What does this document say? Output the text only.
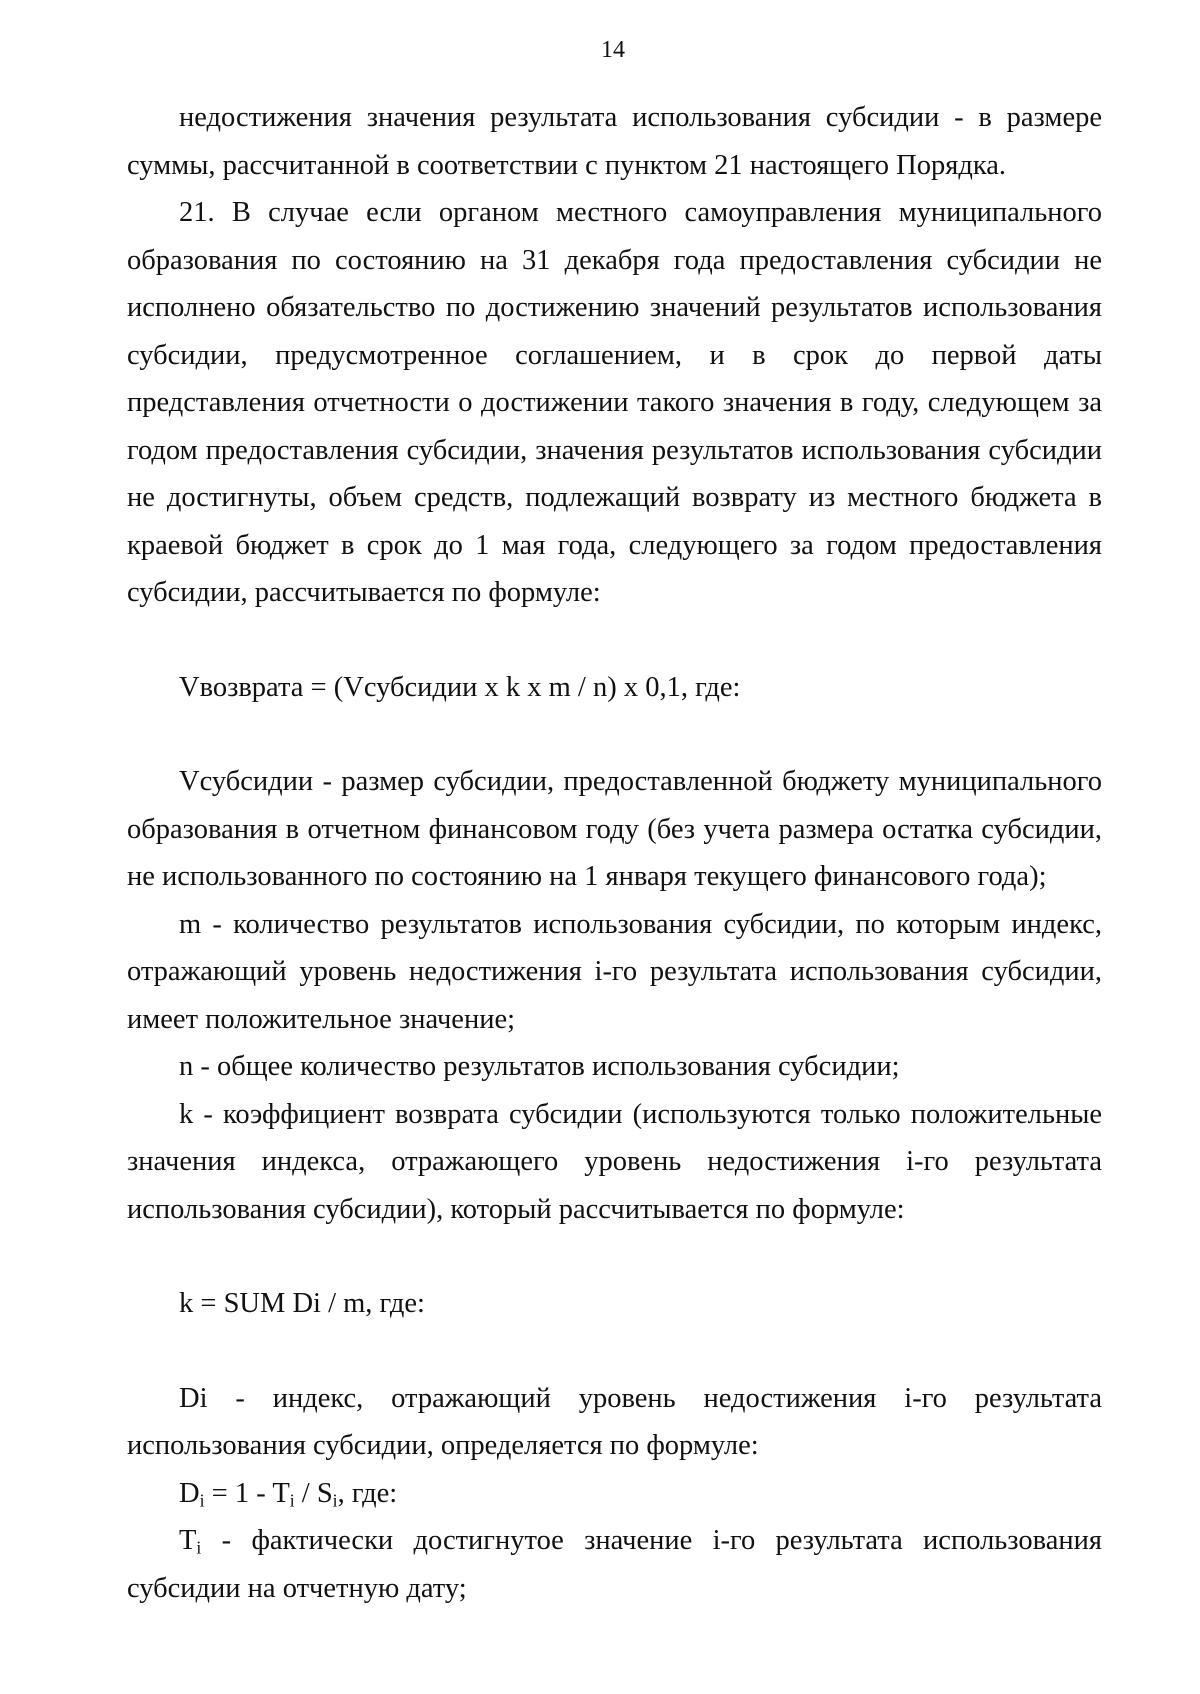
14

недостижения значения результата использования субсидии - в размере суммы, рассчитанной в соответствии с пунктом 21 настоящего Порядка.

21. В случае если органом местного самоуправления муниципального образования по состоянию на 31 декабря года предоставления субсидии не исполнено обязательство по достижению значений результатов использования субсидии, предусмотренное соглашением, и в срок до первой даты представления отчетности о достижении такого значения в году, следующем за годом предоставления субсидии, значения результатов использования субсидии не достигнуты, объем средств, подлежащий возврату из местного бюджета в краевой бюджет в срок до 1 мая года, следующего за годом предоставления субсидии, рассчитывается по формуле:

Vвозврата = (Vсубсидии x k x m / n) x 0,1, где:

Vсубсидии - размер субсидии, предоставленной бюджету муниципального образования в отчетном финансовом году (без учета размера остатка субсидии, не использованного по состоянию на 1 января текущего финансового года);

m - количество результатов использования субсидии, по которым индекс, отражающий уровень недостижения i-го результата использования субсидии, имеет положительное значение;

n - общее количество результатов использования субсидии;

k - коэффициент возврата субсидии (используются только положительные значения индекса, отражающего уровень недостижения i-го результата использования субсидии), который рассчитывается по формуле:

k = SUM Di / m, где:

Di - индекс, отражающий уровень недостижения i-го результата использования субсидии, определяется по формуле:

$D_i = 1 - T_i / S_i$, где:

$T_i$ - фактически достигнутое значение i-го результата использования субсидии на отчетную дату;
